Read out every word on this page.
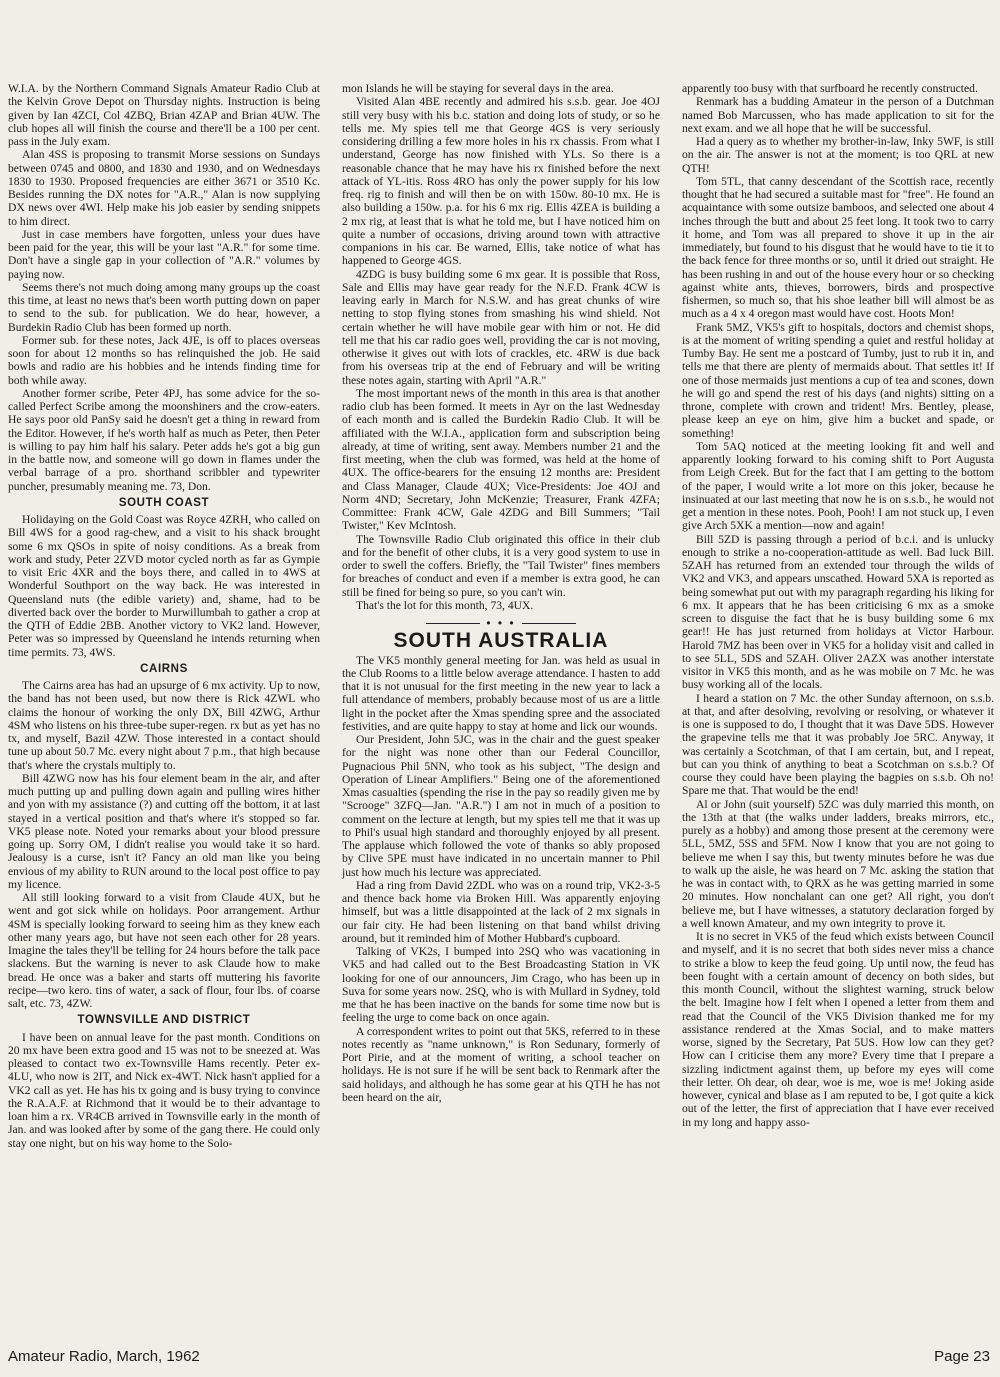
W.I.A. by the Northern Command Signals Amateur Radio Club at the Kelvin Grove Depot on Thursday nights. Instruction is being given by Ian 4ZCI, Col 4ZBQ, Brian 4ZAP and Brian 4UW. The club hopes all will finish the course and there'll be a 100 per cent. pass in the July exam.

Alan 4SS is proposing to transmit Morse sessions on Sundays between 0745 and 0800, and 1830 and 1930, and on Wednesdays 1830 to 1930. Proposed frequencies are either 3671 or 3510 Kc. Besides running the DX notes for "A.R.," Alan is now supplying DX news over 4WI. Help make his job easier by sending snippets to him direct.

Just in case members have forgotten, unless your dues have been paid for the year, this will be your last "A.R." for some time. Don't have a single gap in your collection of "A.R." volumes by paying now.

Seems there's not much doing among many groups up the coast this time, at least no news that's been worth putting down on paper to send to the sub. for publication. We do hear, however, a Burdekin Radio Club has been formed up north.

Former sub. for these notes, Jack 4JE, is off to places overseas soon for about 12 months so has relinquished the job. He said bowls and radio are his hobbies and he intends finding time for both while away.

Another former scribe, Peter 4PJ, has some advice for the so-called Perfect Scribe among the moonshiners and the crow-eaters. He says poor old PanSy said he doesn't get a thing in reward from the Editor. However, if he's worth half as much as Peter, then Peter is willing to pay him half his salary. Peter adds he's got a big gun in the battle now, and someone will go down in flames under the verbal barrage of a pro. shorthand scribbler and typewriter puncher, presumably meaning me. 73, Don.

SOUTH COAST

Holidaying on the Gold Coast was Royce 4ZRH, who called on Bill 4WS for a good rag-chew, and a visit to his shack brought some 6 mx QSOs in spite of noisy conditions. As a break from work and study, Peter 2ZVD motor cycled north as far as Gympie to visit Eric 4XR and the boys there, and called in to 4WS at Wonderful Southport on the way back. He was interested in Queensland nuts (the edible variety) and, shame, had to be diverted back over the border to Murwillumbah to gather a crop at the QTH of Eddie 2BB. Another victory to VK2 land. However, Peter was so impressed by Queensland he intends returning when time permits. 73, 4WS.

CAIRNS

The Cairns area has had an upsurge of 6 mx activity. Up to now, the band has not been used, but now there is Rick 4ZWL who claims the honour of working the only DX, Bill 4ZWG, Arthur 4SM who listens on his three-tube super-regen. rx but as yet has no tx, and myself, Bazil 4ZW. Those interested in a contact should tune up about 50.7 Mc. every night about 7 p.m., that high because that's where the crystals multiply to.

Bill 4ZWG now has his four element beam in the air, and after much putting up and pulling down again and pulling wires hither and yon with my assistance (?) and cutting off the bottom, it at last stayed in a vertical position and that's where it's stopped so far. VK5 please note. Noted your remarks about your blood pressure going up. Sorry OM, I didn't realise you would take it so hard. Jealousy is a curse, isn't it? Fancy an old man like you being envious of my ability to RUN around to the local post office to pay my licence.

All still looking forward to a visit from Claude 4UX, but he went and got sick while on holidays. Poor arrangement. Arthur 4SM is specially looking forward to seeing him as they knew each other many years ago, but have not seen each other for 28 years. Imagine the tales they'll be telling for 24 hours before the talk pace slackens. But the warning is never to ask Claude how to make bread. He once was a baker and starts off muttering his favorite recipe—two kero. tins of water, a sack of flour, four lbs. of coarse salt, etc. 73, 4ZW.

TOWNSVILLE AND DISTRICT

I have been on annual leave for the past month. Conditions on 20 mx have been extra good and 15 was not to be sneezed at. Was pleased to contact two ex-Townsville Hams recently. Peter ex-4LU, who now is 2IT, and Nick ex-4WT. Nick hasn't applied for a VK2 call as yet. He has his tx going and is busy trying to convince the R.A.A.F. at Richmond that it would be to their advantage to loan him a rx. VR4CB arrived in Townsville early in the month of Jan. and was looked after by some of the gang there. He could only stay one night, but on his way home to the Solo-

mon Islands he will be staying for several days in the area.

Visited Alan 4BE recently and admired his s.s.b. gear. Joe 4OJ still very busy with his b.c. station and doing lots of study, or so he tells me. My spies tell me that George 4GS is very seriously considering drilling a few more holes in his rx chassis. From what I understand, George has now finished with YLs. So there is a reasonable chance that he may have his rx finished before the next attack of YL-itis. Ross 4RO has only the power supply for his low freq. rig to finish and will then be on with 150w. 80-10 mx. He is also building a 150w. p.a. for his 6 mx rig. Ellis 4ZEA is building a 2 mx rig, at least that is what he told me, but I have noticed him on quite a number of occasions, driving around town with attractive companions in his car. Be warned, Ellis, take notice of what has happened to George 4GS.

4ZDG is busy building some 6 mx gear. It is possible that Ross, Sale and Ellis may have gear ready for the N.F.D. Frank 4CW is leaving early in March for N.S.W. and has great chunks of wire netting to stop flying stones from smashing his wind shield. Not certain whether he will have mobile gear with him or not. He did tell me that his car radio goes well, providing the car is not moving, otherwise it gives out with lots of crackles, etc. 4RW is due back from his overseas trip at the end of February and will be writing these notes again, starting with April "A.R."

The most important news of the month in this area is that another radio club has been formed. It meets in Ayr on the last Wednesday of each month and is called the Burdekin Radio Club. It will be affiliated with the W.I.A., application form and subscription being already, at time of writing, sent away. Members number 21 and the first meeting, when the club was formed, was held at the home of 4UX. The office-bearers for the ensuing 12 months are: President and Class Manager, Claude 4UX; Vice-Presidents: Joe 4OJ and Norm 4ND; Secretary, John McKenzie; Treasurer, Frank 4ZFA; Committee: Frank 4CW, Gale 4ZDG and Bill Summers; "Tail Twister," Kev McIntosh.

The Townsville Radio Club originated this office in their club and for the benefit of other clubs, it is a very good system to use in order to swell the coffers. Briefly, the "Tail Twister" fines members for breaches of conduct and even if a member is extra good, he can still be fined for being so pure, so you can't win.

That's the lot for this month, 73, 4UX.

• • •
SOUTH AUSTRALIA

The VK5 monthly general meeting for Jan. was held as usual in the Club Rooms to a little below average attendance. I hasten to add that it is not unusual for the first meeting in the new year to lack a full attendance of members, probably because most of us are a little light in the pocket after the Xmas spending spree and the associated festivities, and are quite happy to stay at home and lick our wounds.

Our President, John 5JC, was in the chair and the guest speaker for the night was none other than our Federal Councillor, Pugnacious Phil 5NN, who took as his subject, "The design and Operation of Linear Amplifiers." Being one of the aforementioned Xmas casualties (spending the rise in the pay so readily given me by "Scrooge" 3ZFQ—Jan. "A.R.") I am not in much of a position to comment on the lecture at length, but my spies tell me that it was up to Phil's usual high standard and thoroughly enjoyed by all present. The applause which followed the vote of thanks so ably proposed by Clive 5PE must have indicated in no uncertain manner to Phil just how much his lecture was appreciated.

Had a ring from David 2ZDL who was on a round trip, VK2-3-5 and thence back home via Broken Hill. Was apparently enjoying himself, but was a little disappointed at the lack of 2 mx signals in our fair city. He had been listening on that band whilst driving around, but it reminded him of Mother Hubbard's cupboard.

Talking of VK2s, I bumped into 2SQ who was vacationing in VK5 and had called out to the Best Broadcasting Station in VK looking for one of our announcers, Jim Crago, who has been up in Suva for some years now. 2SQ, who is with Mullard in Sydney, told me that he has been inactive on the bands for some time now but is feeling the urge to come back on once again.

A correspondent writes to point out that 5KS, referred to in these notes recently as "name unknown," is Ron Sedunary, formerly of Port Pirie, and at the moment of writing, a school teacher on holidays. He is not sure if he will be sent back to Renmark after the said holidays, and although he has some gear at his QTH he has not been heard on the air,

apparently too busy with that surfboard he recently constructed.

Renmark has a budding Amateur in the person of a Dutchman named Bob Marcussen, who has made application to sit for the next exam. and we all hope that he will be successful.

Had a query as to whether my brother-in-law, Inky 5WF, is still on the air. The answer is not at the moment; is too QRL at new QTH!

Tom 5TL, that canny descendant of the Scottish race, recently thought that he had secured a suitable mast for "free". He found an acquaintance with some outsize bamboos, and selected one about 4 inches through the butt and about 25 feet long. It took two to carry it home, and Tom was all prepared to shove it up in the air immediately, but found to his disgust that he would have to tie it to the back fence for three months or so, until it dried out straight. He has been rushing in and out of the house every hour or so checking against white ants, thieves, borrowers, birds and prospective fishermen, so much so, that his shoe leather bill will almost be as much as a 4 x 4 oregon mast would have cost. Hoots Mon!

Frank 5MZ, VK5's gift to hospitals, doctors and chemist shops, is at the moment of writing spending a quiet and restful holiday at Tumby Bay. He sent me a postcard of Tumby, just to rub it in, and tells me that there are plenty of mermaids about. That settles it! If one of those mermaids just mentions a cup of tea and scones, down he will go and spend the rest of his days (and nights) sitting on a throne, complete with crown and trident! Mrs. Bentley, please, please keep an eye on him, give him a bucket and spade, or something!

Tom 5AQ noticed at the meeting looking fit and well and apparently looking forward to his coming shift to Port Augusta from Leigh Creek. But for the fact that I am getting to the bottom of the paper, I would write a lot more on this joker, because he insinuated at our last meeting that now he is on s.s.b., he would not get a mention in these notes. Pooh, Pooh! I am not stuck up, I even give Arch 5XK a mention—now and again!

Bill 5ZD is passing through a period of b.c.i. and is unlucky enough to strike a no-cooperation-attitude as well. Bad luck Bill. 5ZAH has returned from an extended tour through the wilds of VK2 and VK3, and appears unscathed. Howard 5XA is reported as being somewhat put out with my paragraph regarding his liking for 6 mx. It appears that he has been criticising 6 mx as a smoke screen to disguise the fact that he is busy building some 6 mx gear!! He has just returned from holidays at Victor Harbour. Harold 7MZ has been over in VK5 for a holiday visit and called in to see 5LL, 5DS and 5ZAH. Oliver 2AZX was another interstate visitor in VK5 this month, and as he was mobile on 7 Mc. he was busy working all of the locals.

I heard a station on 7 Mc. the other Sunday afternoon, on s.s.b. at that, and after desolving, revolving or resolving, or whatever it is one is supposed to do, I thought that it was Dave 5DS. However the grapevine tells me that it was probably Joe 5RC. Anyway, it was certainly a Scotchman, of that I am certain, but, and I repeat, but can you think of anything to beat a Scotchman on s.s.b.? Of course they could have been playing the bagpies on s.s.b. Oh no! Spare me that. That would be the end!

Al or John (suit yourself) 5ZC was duly married this month, on the 13th at that (the walks under ladders, breaks mirrors, etc., purely as a hobby) and among those present at the ceremony were 5LL, 5MZ, 5SS and 5FM. Now I know that you are not going to believe me when I say this, but twenty minutes before he was due to walk up the aisle, he was heard on 7 Mc. asking the station that he was in contact with, to QRX as he was getting married in some 20 minutes. How nonchalant can one get? All right, you don't believe me, but I have witnesses, a statutory declaration forged by a well known Amateur, and my own integrity to prove it.

It is no secret in VK5 of the feud which exists between Council and myself, and it is no secret that both sides never miss a chance to strike a blow to keep the feud going. Up until now, the feud has been fought with a certain amount of decency on both sides, but this month Council, without the slightest warning, struck below the belt. Imagine how I felt when I opened a letter from them and read that the Council of the VK5 Division thanked me for my assistance rendered at the Xmas Social, and to make matters worse, signed by the Secretary, Pat 5US. How low can they get? How can I criticise them any more? Every time that I prepare a sizzling indictment against them, up before my eyes will come their letter. Oh dear, oh dear, woe is me, woe is me! Joking aside however, cynical and blase as I am reputed to be, I got quite a kick out of the letter, the first of appreciation that I have ever received in my long and happy asso-

Amateur Radio, March, 1962	Page 23
